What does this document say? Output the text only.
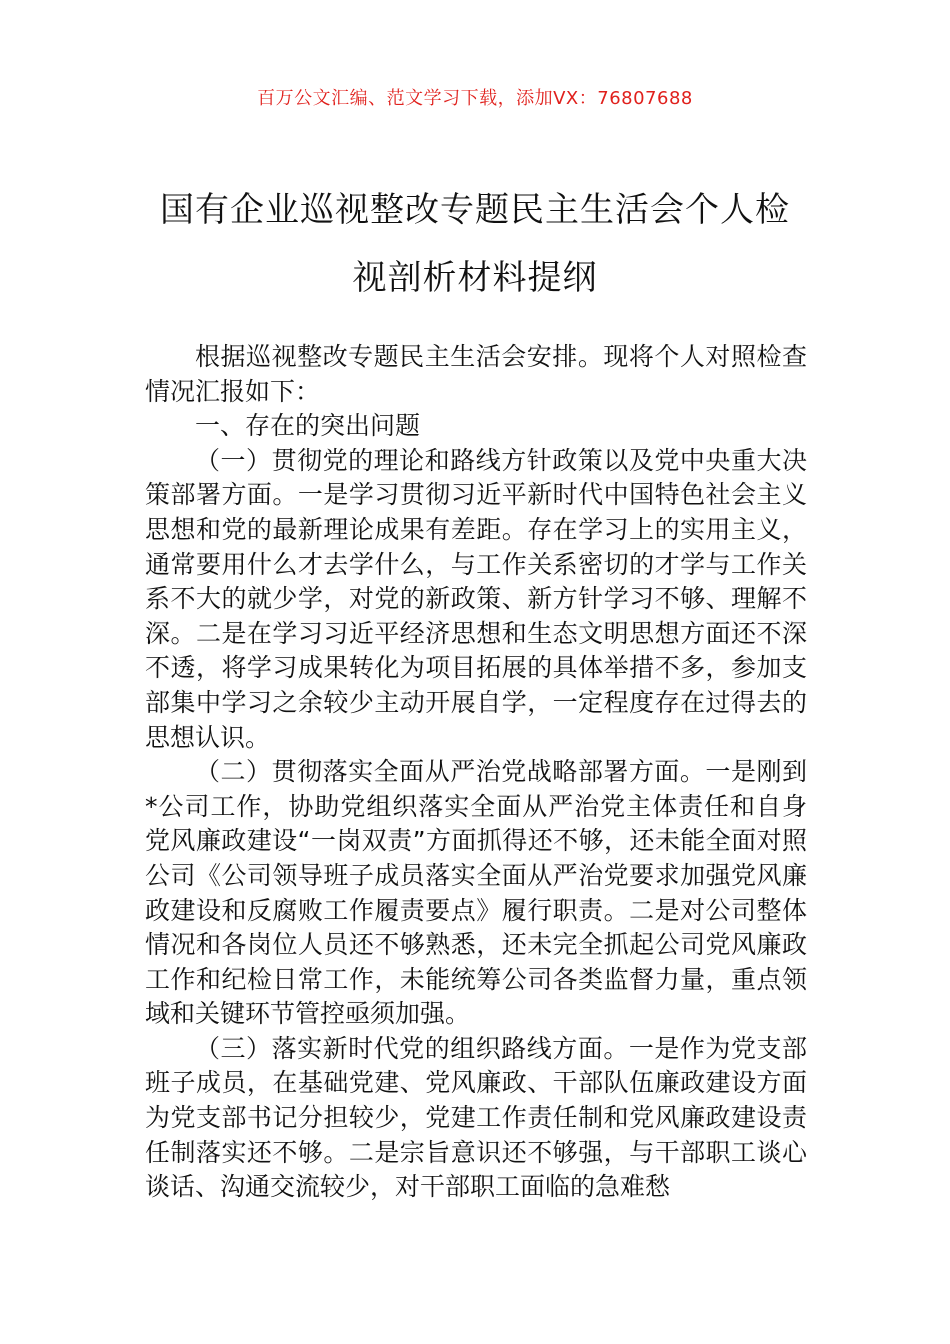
百万公文汇编、范文学习下载，添加VX：76807688
国有企业巡视整改专题民主生活会个人检视剖析材料提纲

根据巡视整改专题民主生活会安排。现将个人对照检查情况汇报如下：

一、存在的突出问题

（一）贯彻党的理论和路线方针政策以及党中央重大决策部署方面。一是学习贯彻习近平新时代中国特色社会主义思想和党的最新理论成果有差距。存在学习上的实用主义，通常要用什么才去学什么，与工作关系密切的才学与工作关系不大的就少学，对党的新政策、新方针学习不够、理解不深。二是在学习习近平经济思想和生态文明思想方面还不深不透，将学习成果转化为项目拓展的具体举措不多，参加支部集中学习之余较少主动开展自学，一定程度存在过得去的思想认识。

（二）贯彻落实全面从严治党战略部署方面。一是刚到*公司工作，协助党组织落实全面从严治党主体责任和自身党风廉政建设“一岗双责”方面抓得还不够，还未能全面对照公司《公司领导班子成员落实全面从严治党要求加强党风廉政建设和反腐败工作履责要点》履行职责。二是对公司整体情况和各岗位人员还不够熟悉，还未完全抓起公司党风廉政工作和纪检日常工作，未能统筹公司各类监督力量，重点领域和关键环节管控亟须加强。

（三）落实新时代党的组织路线方面。一是作为党支部班子成员，在基础党建、党风廉政、干部队伍廉政建设方面为党支部书记分担较少，党建工作责任制和党风廉政建设责任制落实还不够。二是宗旨意识还不够强，与干部职工谈心谈话、沟通交流较少，对干部职工面临的急难愁
